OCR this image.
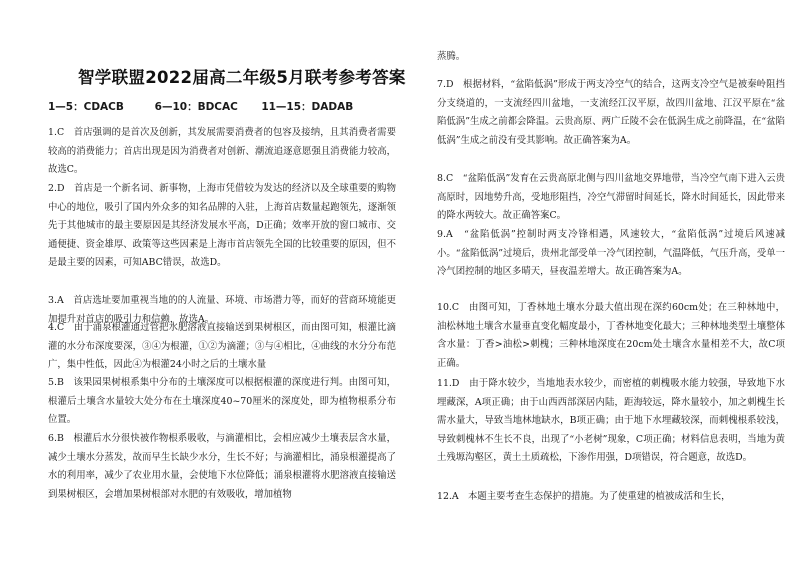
智学联盟2022届高二年级5月联考参考答案
1—5：CDACB	6—10：BDCAC 11—15：DADAB

1.C　首店强调的是首次及创新，其发展需要消费者的包容及接纳，且其消费者需要较高的消费能力；首店出现是因为消费者对创新、潮流追逐意愿强且消费能力较高，故选C。

2.D　首店是一个新名词、新事物，上海市凭借较为发达的经济以及全球重要的购物中心的地位，吸引了国内外众多的知名品牌的入驻，上海首店数量起跑领先，逐渐领先于其他城市的最主要原因是其经济发展水平高，D正确；效率开放的窗口城市、交通便捷、资金雄厚、政策等这些因素是上海市首店领先全国的比较重要的原因，但不是最主要的因素，可知ABC错误，故选D。

3.A　首店选址要加重视当地的的人流量、环境、市场潜力等，而好的营商环境能更加提升对首店的吸引力和信赖，故选A。

4.C　由于涌泉根灌通过管把水肥溶液直接输送到果树根区，而由图可知，根灌比滴灌的水分布深度要深，③④为根灌，①②为滴灌；③与④相比，④曲线的水分分布范广，集中性低，因此④为根灌24小时之后的土壤水量

5.B　该果园果树根系集中分布的土壤深度可以根据根灌的深度进行判。由图可知，根灌后土壤含水量较大处分布在土壤深度40~70厘米的深度处，即为植物根系分布位置。

6.B　根灌后水分很快被作物根系吸收，与滴灌相比，会相应减少土壤表层含水量，减少土壤水分蒸发，故而早生长缺少水分，生长不好；与滴灌相比，涌泉根灌提高了水的利用率，减少了农业用水量，会使地下水位降低；涌泉根灌将水肥溶液直接输送到果树根区，会增加果树根部对水肥的有效吸收，增加植物

蒸腾。

7.D　根据材料，“盆陷低涡”形成于两支冷空气的结合，这两支冷空气是被秦岭阻挡分支绕道的，一支流经四川盆地，一支流经江汉平原，故四川盆地、江汉平原在“盆陷低涡”生成之前都会降温。云贵高原、两广丘陵不会在低涡生成之前降温，在“盆陷低涡”生成之前没有受其影响。故正确答案为A。

8.C　“盆陷低涡”发育在云贵高原北侧与四川盆地交界地带，当冷空气南下进入云贵高原时，因地势升高，受地形阻挡，冷空气滞留时间延长，降水时间延长，因此带来的降水两较大。故正确答案C。

9.A　“盆陷低涡”控制时两支冷锋相遇，风速较大，“盆陷低涡”过境后风速减小。“盆陷低涡”过境后，贵州北部受单一冷气团控制，气温降低，气压升高，受单一冷气团控制的地区多晴天，昼夜温差增大。故正确答案为A。

10.C　由图可知，丁香林地土壤水分最大值出现在深约60cm处；在三种林地中，油松林地土壤含水量垂直变化幅度最小，丁香林地变化最大；三种林地类型土壤整体含水量：丁香>油松>刺槐；三种林地深度在20cm处土壤含水量相差不大，故C项正确。

11.D　由于降水较少，当地地表水较少，而密植的刺槐吸水能力较强，导致地下水埋藏深，A项正确；由于山西西部深居内陆，距海较远，降水量较小，加之刺槐生长需水量大，导致当地林地缺水，B项正确；由于地下水埋藏较深，而刺槐根系较浅，导致刺槐林不生长不良，出现了“小老树”现象，C项正确；材料信息表明，当地为黄土残塬沟壑区，黄土土质疏松，下渗作用强，D项错误，符合题意，故选D。

12.A　本题主要考查生态保护的措施。为了使重建的植被成活和生长，
